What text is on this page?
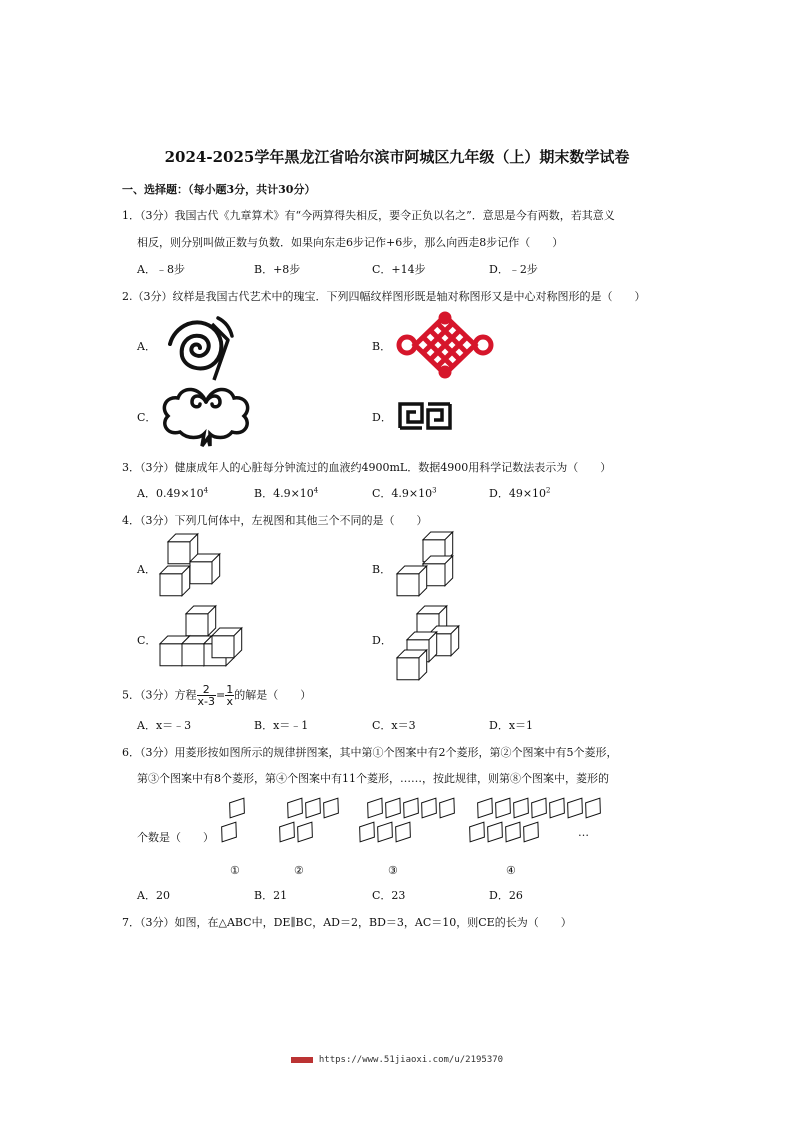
2024-2025学年黑龙江省哈尔滨市阿城区九年级（上）期末数学试卷
一、选择题：（每小题3分，共计30分）
1．（3分）我国古代《九章算术》有“今两算得失相反，要令正负以名之”．意思是今有两数，若其意义
相反，则分别叫做正数与负数．如果向东走6步记作+6步，那么向西走8步记作（　　）
A．﹣8步	B．+8步	C．+14步	D．﹣2步
2.（3分）纹样是我国古代艺术中的瑰宝．下列四幅纹样图形既是轴对称图形又是中心对称图形的是（　　）
A．	B．
C．	D．
3．（3分）健康成年人的心脏每分钟流过的血液约4900mL．数据4900用科学记数法表示为（　　）
A．$0.49\times 10^4$	B．$4.9\times 10^4$	C．$4.9\times 10^3$	D．$49\times 10^2$
4．（3分）下列几何体中，左视图和其他三个不同的是（　　）
A．	B．
C．	D．
5．（3分）方程 $\frac{2}{x-3} = \frac{1}{x}$ 的解是（　　）
A．x＝﹣3	B．x＝﹣1	C．x＝3	D．x＝1
6．（3分）用菱形按如图所示的规律拼图案，其中第①个图案中有2个菱形，第②个图案中有5个菱形，
第③个图案中有8个菱形，第④个图案中有11个菱形，……，按此规律，则第⑧个图案中，菱形的
个数是（　　）
①	②	③	④
…
A．20	B．21	C．23	D．26
7．（3分）如图，在△ABC中，DE∥BC，AD＝2，BD＝3，AC＝10，则CE的长为（　　）
https://www.51jiaoxi.com/u/2195370
